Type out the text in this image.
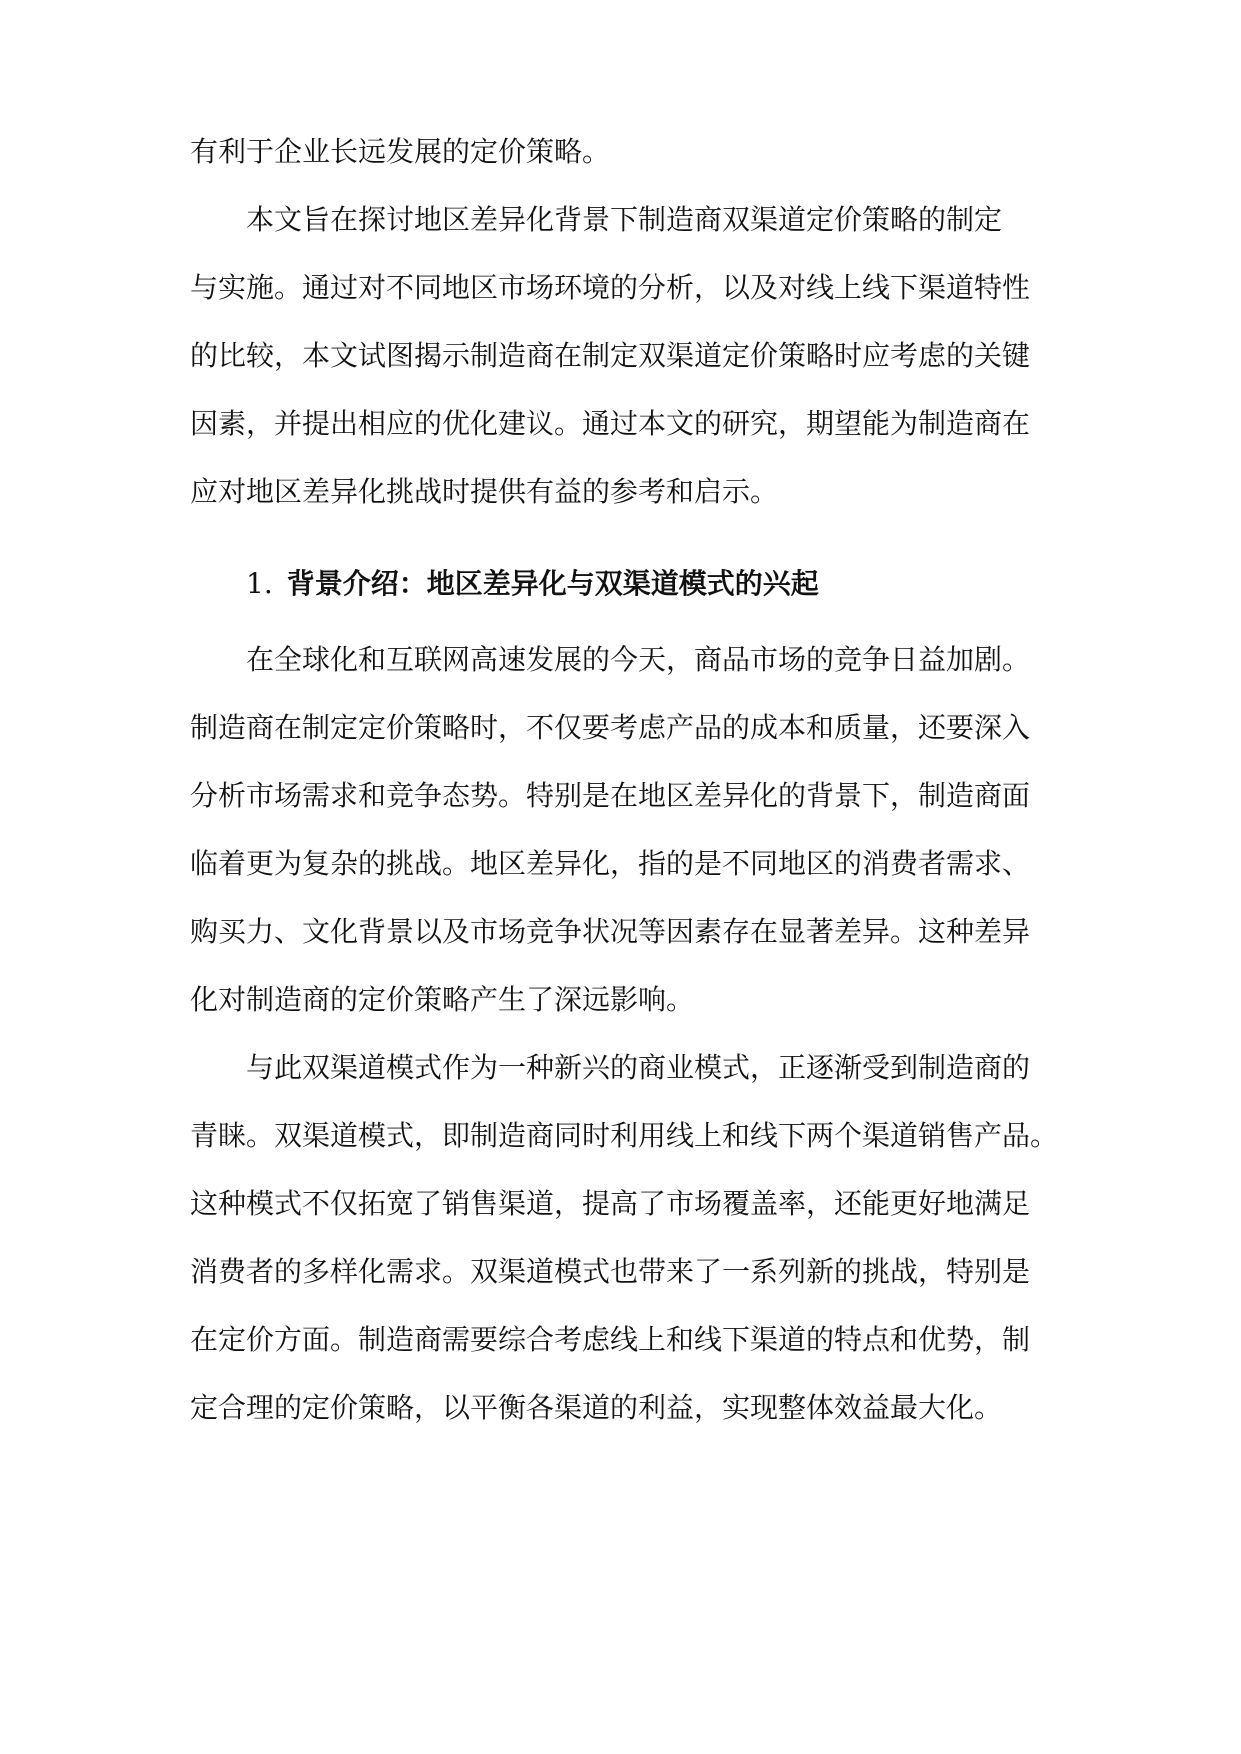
有利于企业长远发展的定价策略。
本文旨在探讨地区差异化背景下制造商双渠道定价策略的制定
与实施。通过对不同地区市场环境的分析，以及对线上线下渠道特性
的比较，本文试图揭示制造商在制定双渠道定价策略时应考虑的关键
因素，并提出相应的优化建议。通过本文的研究，期望能为制造商在
应对地区差异化挑战时提供有益的参考和启示。
1. 背景介绍：地区差异化与双渠道模式的兴起
在全球化和互联网高速发展的今天，商品市场的竞争日益加剧。
制造商在制定定价策略时，不仅要考虑产品的成本和质量，还要深入
分析市场需求和竞争态势。特别是在地区差异化的背景下，制造商面
临着更为复杂的挑战。地区差异化，指的是不同地区的消费者需求、
购买力、文化背景以及市场竞争状况等因素存在显著差异。这种差异
化对制造商的定价策略产生了深远影响。
与此双渠道模式作为一种新兴的商业模式，正逐渐受到制造商的
青睐。双渠道模式，即制造商同时利用线上和线下两个渠道销售产品。
这种模式不仅拓宽了销售渠道，提高了市场覆盖率，还能更好地满足
消费者的多样化需求。双渠道模式也带来了一系列新的挑战，特别是
在定价方面。制造商需要综合考虑线上和线下渠道的特点和优势，制
定合理的定价策略，以平衡各渠道的利益，实现整体效益最大化。
